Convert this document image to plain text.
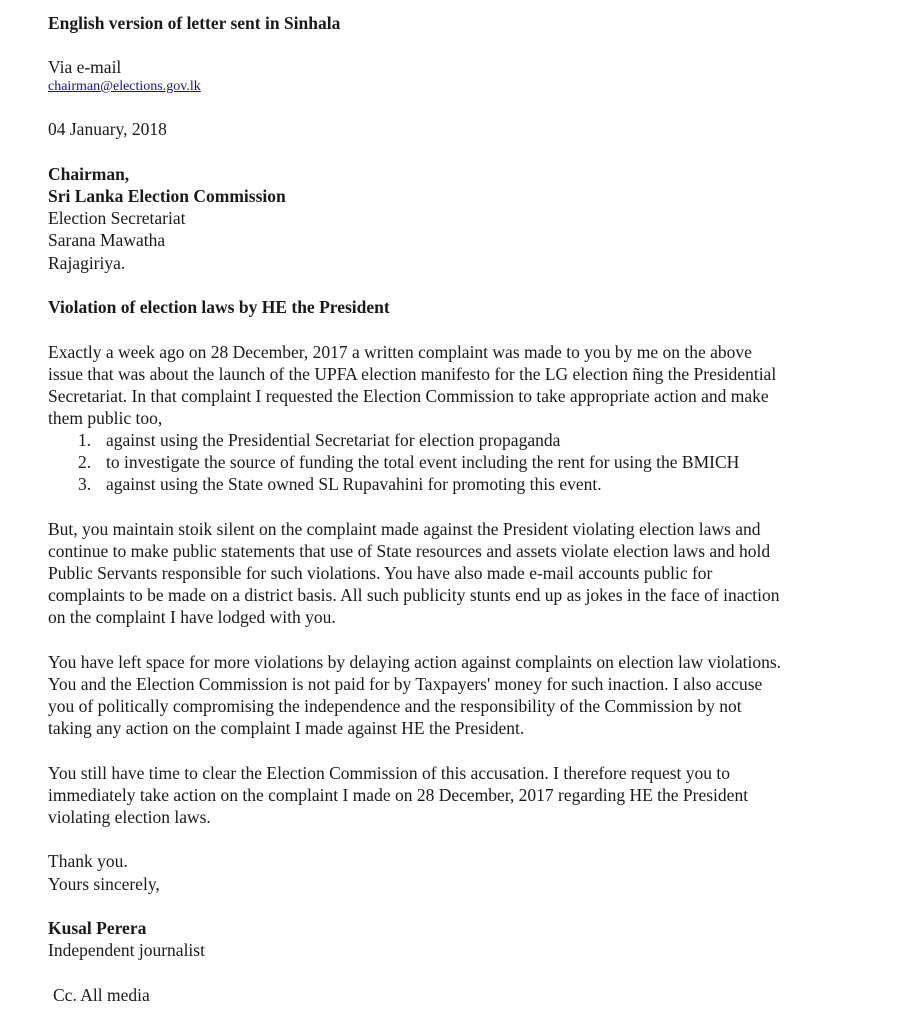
English version of letter sent in Sinhala
Via e-mail
chairman@elections.gov.lk
04 January, 2018
Chairman,
Sri Lanka Election Commission
Election Secretariat
Sarana Mawatha
Rajagiriya.
Violation of election laws by HE the President
Exactly a week ago on 28 December, 2017 a written complaint was made to you by me on the above
issue that was about the launch of the UPFA election manifesto for the LG election ñing the Presidential
Secretariat. In that complaint I requested the Election Commission to take appropriate action and make
them public too,
1. against using the Presidential Secretariat for election propaganda
2. to investigate the source of funding the total event including the rent for using the BMICH
3. against using the State owned SL Rupavahini for promoting this event.
But, you maintain stoik silent on the complaint made against the President violating election laws and
continue to make public statements that use of State resources and assets violate election laws and hold
Public Servants responsible for such violations. You have also made e-mail accounts public for
complaints to be made on a district basis. All such publicity stunts end up as jokes in the face of inaction
on the complaint I have lodged with you.
You have left space for more violations by delaying action against complaints on election law violations.
You and the Election Commission is not paid for by Taxpayers' money for such inaction. I also accuse
you of politically compromising the independence and the responsibility of the Commission by not
taking any action on the complaint I made against HE the President.
You still have time to clear the Election Commission of this accusation. I therefore request you to
immediately take action on the complaint I made on 28 December, 2017 regarding HE the President
violating election laws.
Thank you.
Yours sincerely,
Kusal Perera
Independent journalist
Cc. All media
